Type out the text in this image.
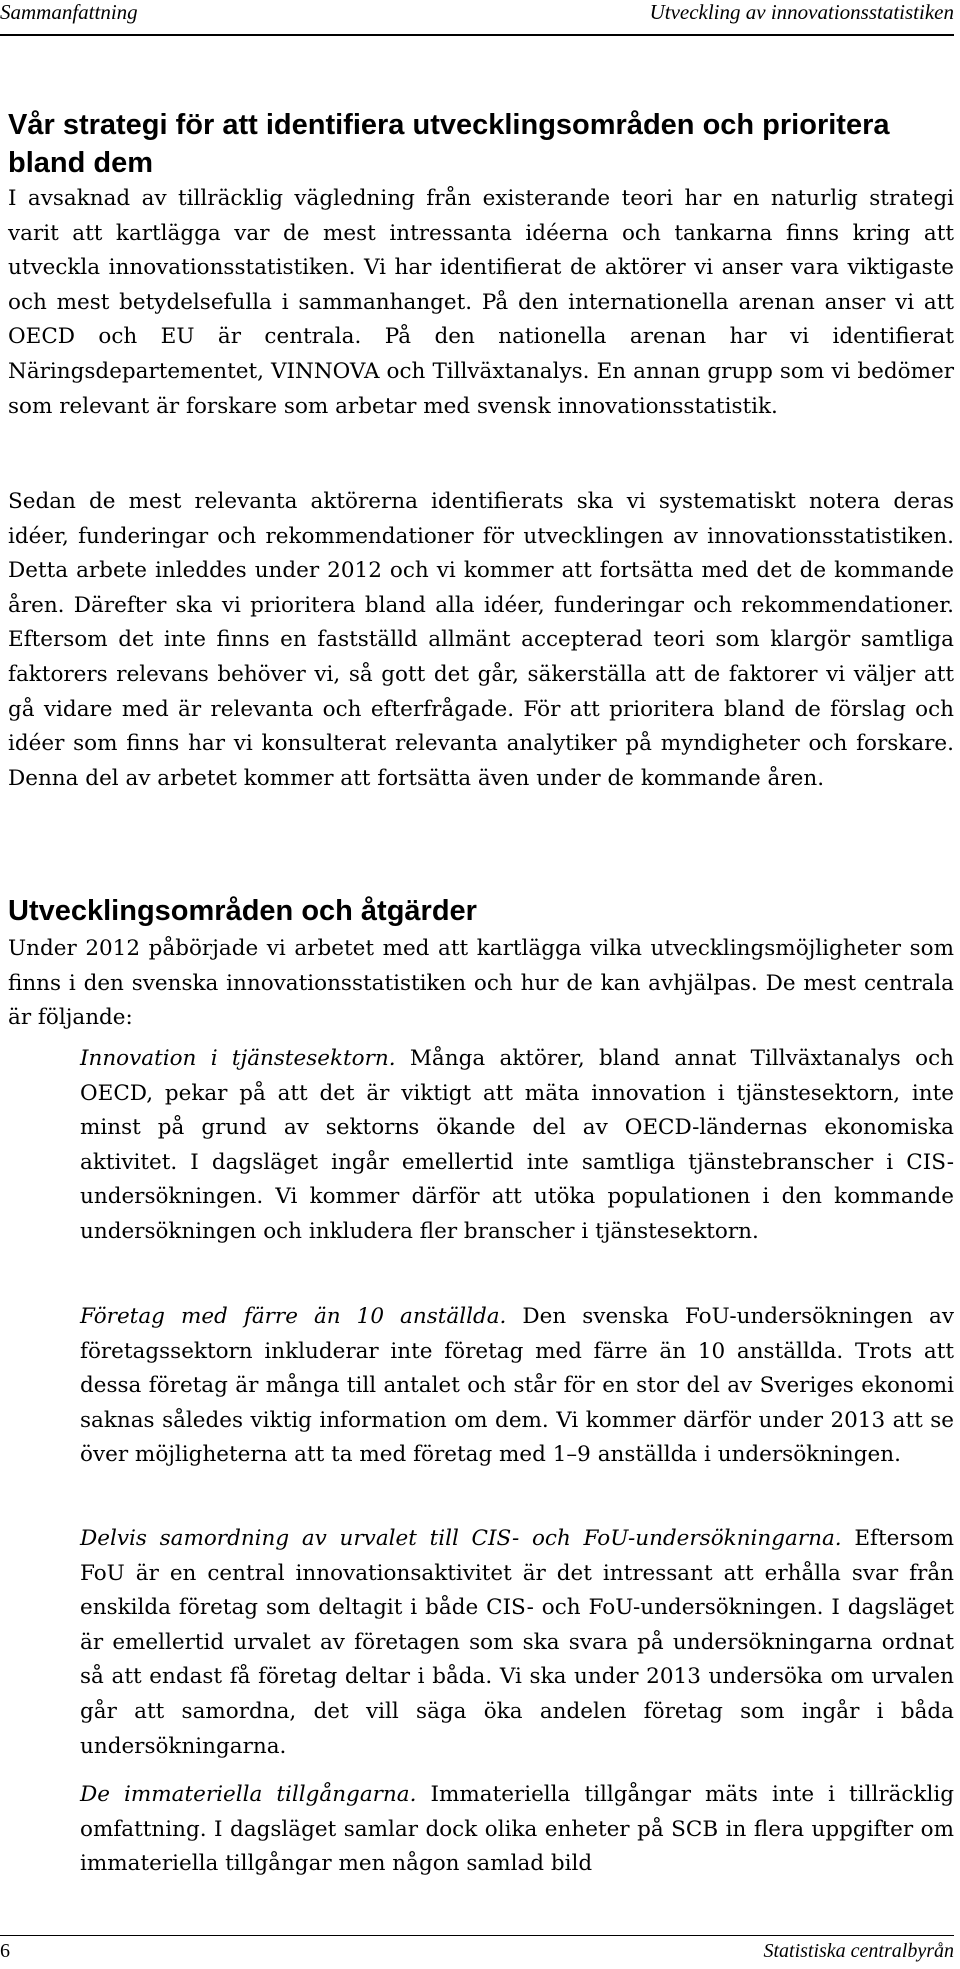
Sammanfattning	Utveckling av innovationsstatistiken
Vår strategi för att identifiera utvecklingsområden och prioritera bland dem

I avsaknad av tillräcklig vägledning från existerande teori har en naturlig strategi varit att kartlägga var de mest intressanta idéerna och tankarna finns kring att utveckla innovationsstatistiken. Vi har identifierat de aktörer vi anser vara viktigaste och mest betydelsefulla i sammanhanget. På den internationella arenan anser vi att OECD och EU är centrala. På den nationella arenan har vi identifierat Näringsdepartementet, VINNOVA och Tillväxtanalys. En annan grupp som vi bedömer som relevant är forskare som arbetar med svensk innovationsstatistik.

Sedan de mest relevanta aktörerna identifierats ska vi systematiskt notera deras idéer, funderingar och rekommendationer för utvecklingen av innovationsstatistiken. Detta arbete inleddes under 2012 och vi kommer att fortsätta med det de kommande åren. Därefter ska vi prioritera bland alla idéer, funderingar och rekommendationer. Eftersom det inte finns en fastställd allmänt accepterad teori som klargör samtliga faktorers relevans behöver vi, så gott det går, säkerställa att de faktorer vi väljer att gå vidare med är relevanta och efterfrågade. För att prioritera bland de förslag och idéer som finns har vi konsulterat relevanta analytiker på myndigheter och forskare. Denna del av arbetet kommer att fortsätta även under de kommande åren.

Utvecklingsområden och åtgärder

Under 2012 påbörjade vi arbetet med att kartlägga vilka utvecklingsmöjligheter som finns i den svenska innovationsstatistiken och hur de kan avhjälpas. De mest centrala är följande:

Innovation i tjänstesektorn. Många aktörer, bland annat Tillväxtanalys och OECD, pekar på att det är viktigt att mäta innovation i tjänstesektorn, inte minst på grund av sektorns ökande del av OECD-ländernas ekonomiska aktivitet. I dagsläget ingår emellertid inte samtliga tjänstebranscher i CIS-undersökningen. Vi kommer därför att utöka populationen i den kommande undersökningen och inkludera fler branscher i tjänstesektorn.

Företag med färre än 10 anställda. Den svenska FoU-undersökningen av företagssektorn inkluderar inte företag med färre än 10 anställda. Trots att dessa företag är många till antalet och står för en stor del av Sveriges ekonomi saknas således viktig information om dem. Vi kommer därför under 2013 att se över möjligheterna att ta med företag med 1–9 anställda i undersökningen.

Delvis samordning av urvalet till CIS- och FoU-undersökningarna. Eftersom FoU är en central innovationsaktivitet är det intressant att erhålla svar från enskilda företag som deltagit i både CIS- och FoU-undersökningen. I dagsläget är emellertid urvalet av företagen som ska svara på undersökningarna ordnat så att endast få företag deltar i båda. Vi ska under 2013 undersöka om urvalen går att samordna, det vill säga öka andelen företag som ingår i båda undersökningarna.

De immateriella tillgångarna. Immateriella tillgångar mäts inte i tillräcklig omfattning. I dagsläget samlar dock olika enheter på SCB in flera uppgifter om immateriella tillgångar men någon samlad bild

6	Statistiska centralbyrån
